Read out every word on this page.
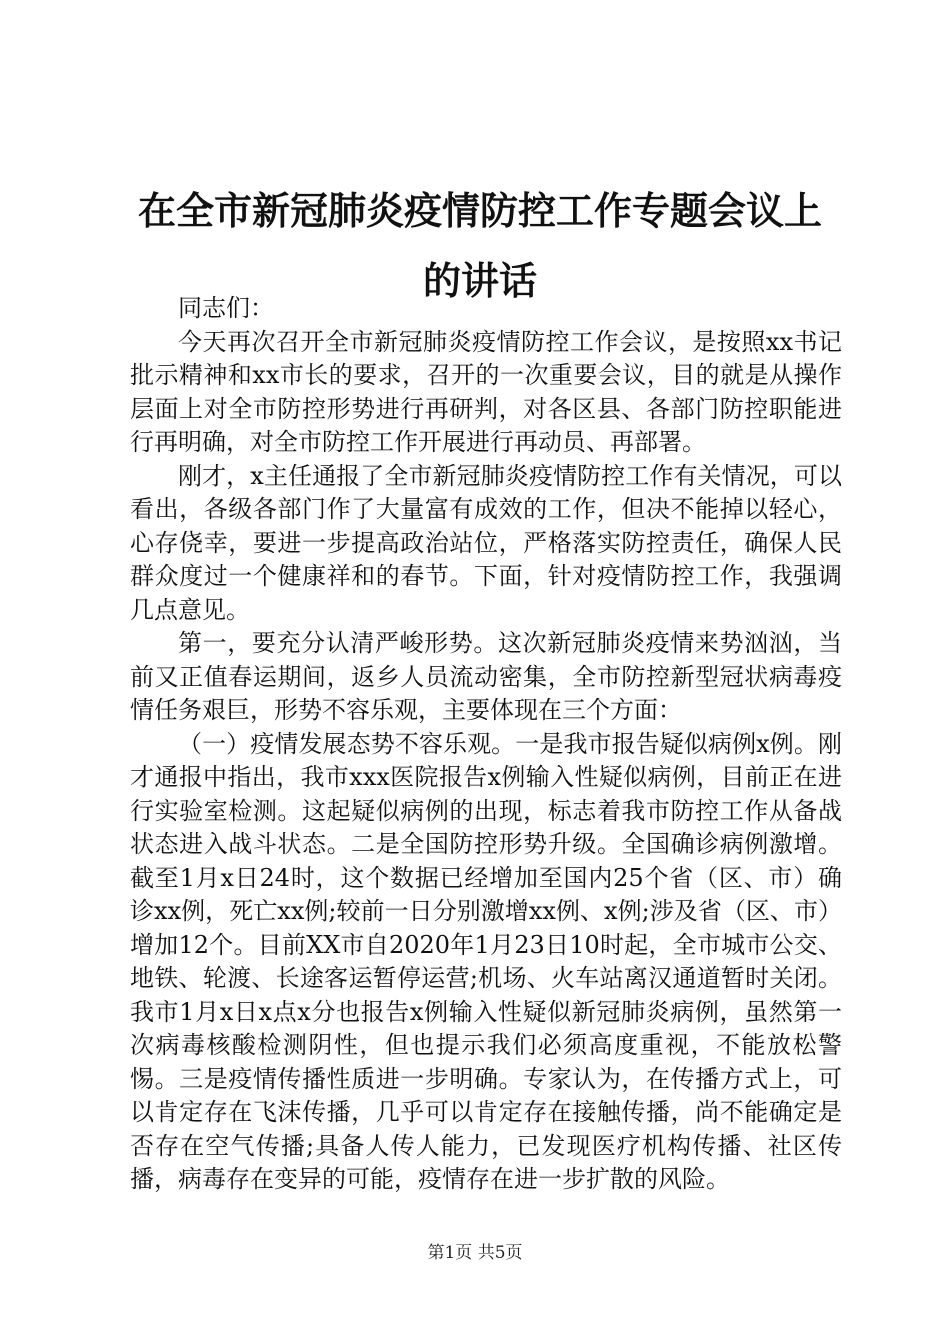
在全市新冠肺炎疫情防控工作专题会议上的讲话

同志们：

今天再次召开全市新冠肺炎疫情防控工作会议，是按照xx书记批示精神和xx市长的要求，召开的一次重要会议，目的就是从操作层面上对全市防控形势进行再研判，对各区县、各部门防控职能进行再明确，对全市防控工作开展进行再动员、再部署。

刚才，x主任通报了全市新冠肺炎疫情防控工作有关情况，可以看出，各级各部门作了大量富有成效的工作，但决不能掉以轻心，心存侥幸，要进一步提高政治站位，严格落实防控责任，确保人民群众度过一个健康祥和的春节。下面，针对疫情防控工作，我强调几点意见。

第一，要充分认清严峻形势。这次新冠肺炎疫情来势汹汹，当前又正值春运期间，返乡人员流动密集，全市防控新型冠状病毒疫情任务艰巨，形势不容乐观，主要体现在三个方面：

（一）疫情发展态势不容乐观。一是我市报告疑似病例x例。刚才通报中指出，我市xxx医院报告x例输入性疑似病例，目前正在进行实验室检测。这起疑似病例的出现，标志着我市防控工作从备战状态进入战斗状态。二是全国防控形势升级。全国确诊病例激增。截至1月x日24时，这个数据已经增加至国内25个省（区、市）确诊xx例，死亡xx例;较前一日分别激增xx例、x例;涉及省（区、市）增加12个。目前XX市自2020年1月23日10时起，全市城市公交、地铁、轮渡、长途客运暂停运营;机场、火车站离汉通道暂时关闭。我市1月x日x点x分也报告x例输入性疑似新冠肺炎病例，虽然第一次病毒核酸检测阴性，但也提示我们必须高度重视，不能放松警惕。三是疫情传播性质进一步明确。专家认为，在传播方式上，可以肯定存在飞沫传播，几乎可以肯定存在接触传播，尚不能确定是否存在空气传播;具备人传人能力，已发现医疗机构传播、社区传播，病毒存在变异的可能，疫情存在进一步扩散的风险。

第1页 共5页
